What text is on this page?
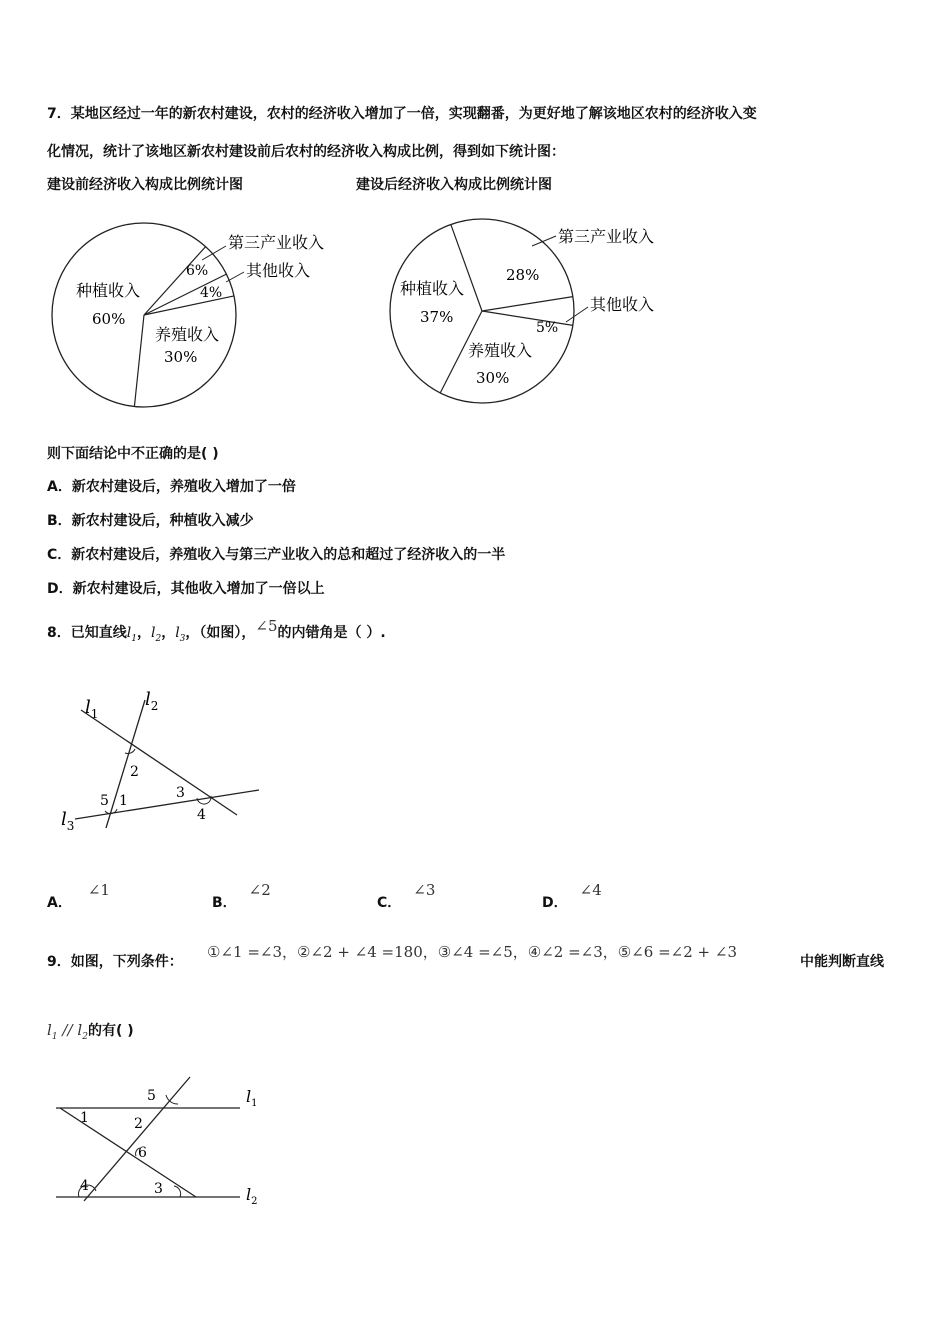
7．某地区经过一年的新农村建设，农村的经济收入增加了一倍，实现翻番，为更好地了解该地区农村的经济收入变
化情况，统计了该地区新农村建设前后农村的经济收入构成比例，得到如下统计图：
建设前经济收入构成比例统计图	建设后经济收入构成比例统计图
种植收入
60%
养殖收入
30%
6%
4%
第三产业收入
其他收入
种植收入
37%
28%
养殖收入
30%
5%
第三产业收入
其他收入
则下面结论中不正确的是( )
A．新农村建设后，养殖收入增加了一倍
B．新农村建设后，种植收入减少
C．新农村建设后，养殖收入与第三产业收入的总和超过了经济收入的一半
D．新农村建设后，其他收入增加了一倍以上
8．已知直线$l_1$，$l_2$，$l_3$，（如图），∠5的内错角是（ ）.
$l_1$
$l_2$
$l_3$
2
5 1	3
4
A．∠1
B．∠2
C．∠3
D．∠4
9．如图，下列条件：
①∠1 =∠3，②∠2 + ∠4 =180，③∠4 =∠5，④∠2 =∠3，⑤∠6 =∠2 + ∠3
中能判断直线
$l_1 // l_2$的有( )
1
5
2
6
4	3
$l_1$
$l_2$
